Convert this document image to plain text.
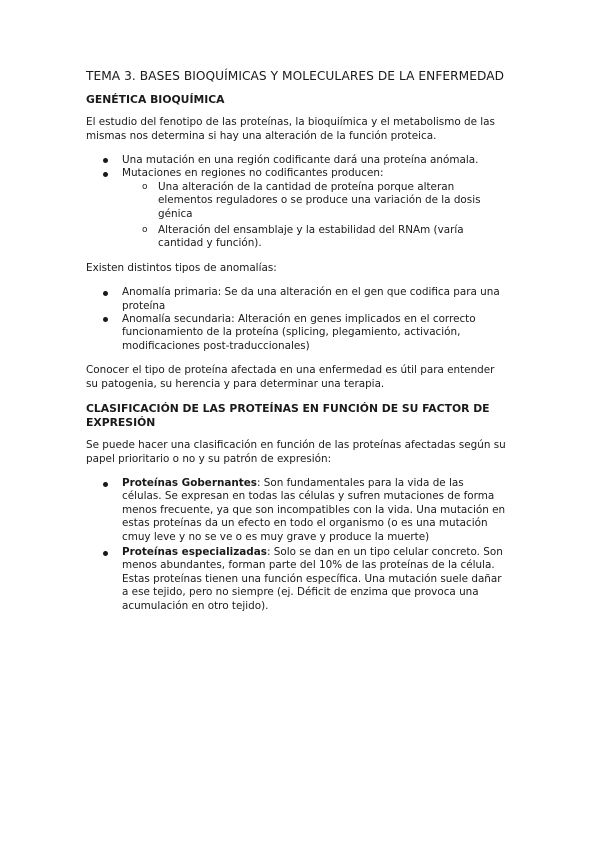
TEMA 3. BASES BIOQUÍMICAS Y MOLECULARES DE LA ENFERMEDAD
GENÉTICA BIOQUÍMICA
El estudio del fenotipo de las proteínas, la bioquiímica y el metabolismo de las mismas nos determina si hay una alteración de la función proteica.
Una mutación en una región codificante dará una proteína anómala.
Mutaciones en regiones no codificantes producen:
o Una alteración de la cantidad de proteína porque alteran elementos reguladores o se produce una variación de la dosis génica
o Alteración del ensamblaje y la estabilidad del RNAm (varía cantidad y función).
Existen distintos tipos de anomalías:
Anomalía primaria: Se da una alteración en el gen que codifica para una proteína
Anomalía secundaria: Alteración en genes implicados en el correcto funcionamiento de la proteína (splicing, plegamiento, activación, modificaciones post-traduccionales)
Conocer el tipo de proteína afectada en una enfermedad es útil para entender su patogenia, su herencia y para determinar una terapia.
CLASIFICACIÓN DE LAS PROTEÍNAS EN FUNCIÓN DE SU FACTOR DE EXPRESIÓN
Se puede hacer una clasificación en función de las proteínas afectadas según su papel prioritario o no y su patrón de expresión:
Proteínas Gobernantes: Son fundamentales para la vida de las células. Se expresan en todas las células y sufren mutaciones de forma menos frecuente, ya que son incompatibles con la vida. Una mutación en estas proteínas da un efecto en todo el organismo (o es una mutación cmuy leve y no se ve o es muy grave y produce la muerte)
Proteínas especializadas: Solo se dan en un tipo celular concreto. Son menos abundantes, forman parte del 10% de las proteínas de la célula. Estas proteínas tienen una función específica. Una mutación suele dañar a ese tejido, pero no siempre (ej. Déficit de enzima que provoca una acumulación en otro tejido).
